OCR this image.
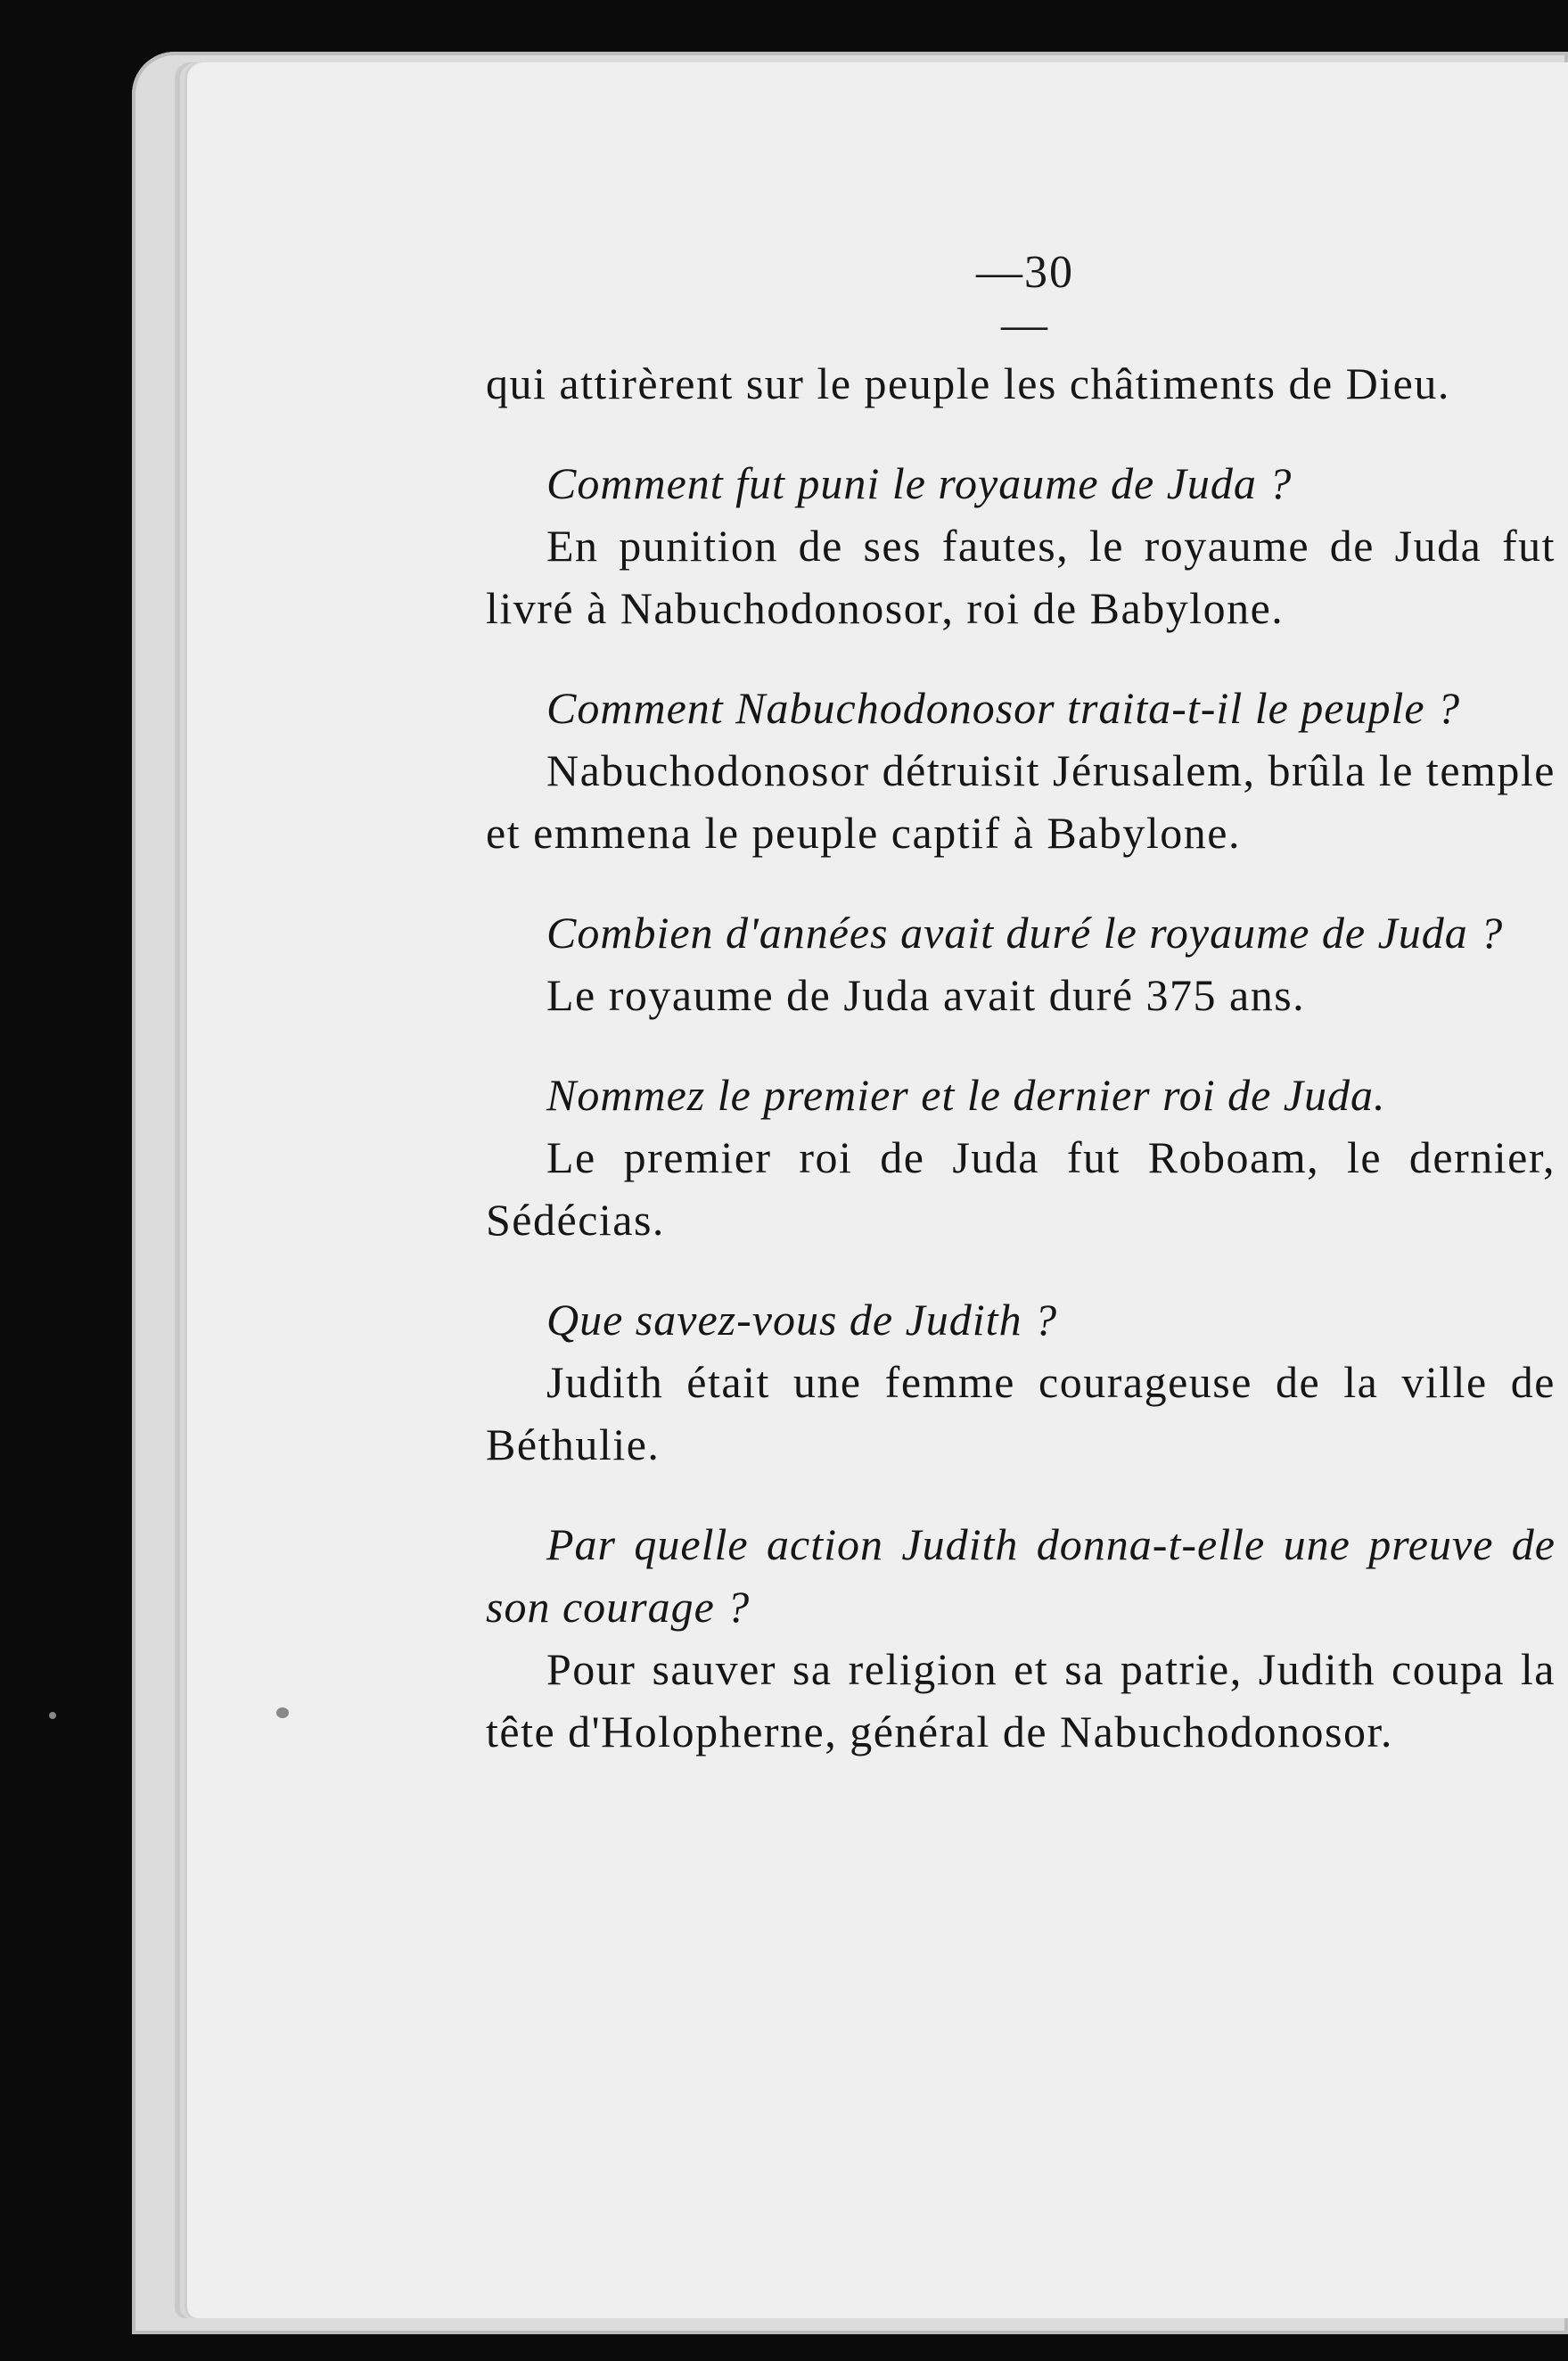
—30—

qui attirèrent sur le peuple les châtiments de Dieu.

Comment fut puni le royaume de Juda ?

En punition de ses fautes, le royaume de Juda fut livré à Nabuchodonosor, roi de Babylone.

Comment Nabuchodonosor traita-t-il le peuple ?

Nabuchodonosor détruisit Jérusalem, brûla le temple et emmena le peuple captif à Babylone.

Combien d'années avait duré le royaume de Juda ?

Le royaume de Juda avait duré 375 ans.

Nommez le premier et le dernier roi de Juda.

Le premier roi de Juda fut Roboam, le dernier, Sédécias.

Que savez-vous de Judith ?

Judith était une femme courageuse de la ville de Béthulie.

Par quelle action Judith donna-t-elle une preuve de son courage ?

Pour sauver sa religion et sa patrie, Judith coupa la tête d'Holopherne, général de Nabuchodonosor.
